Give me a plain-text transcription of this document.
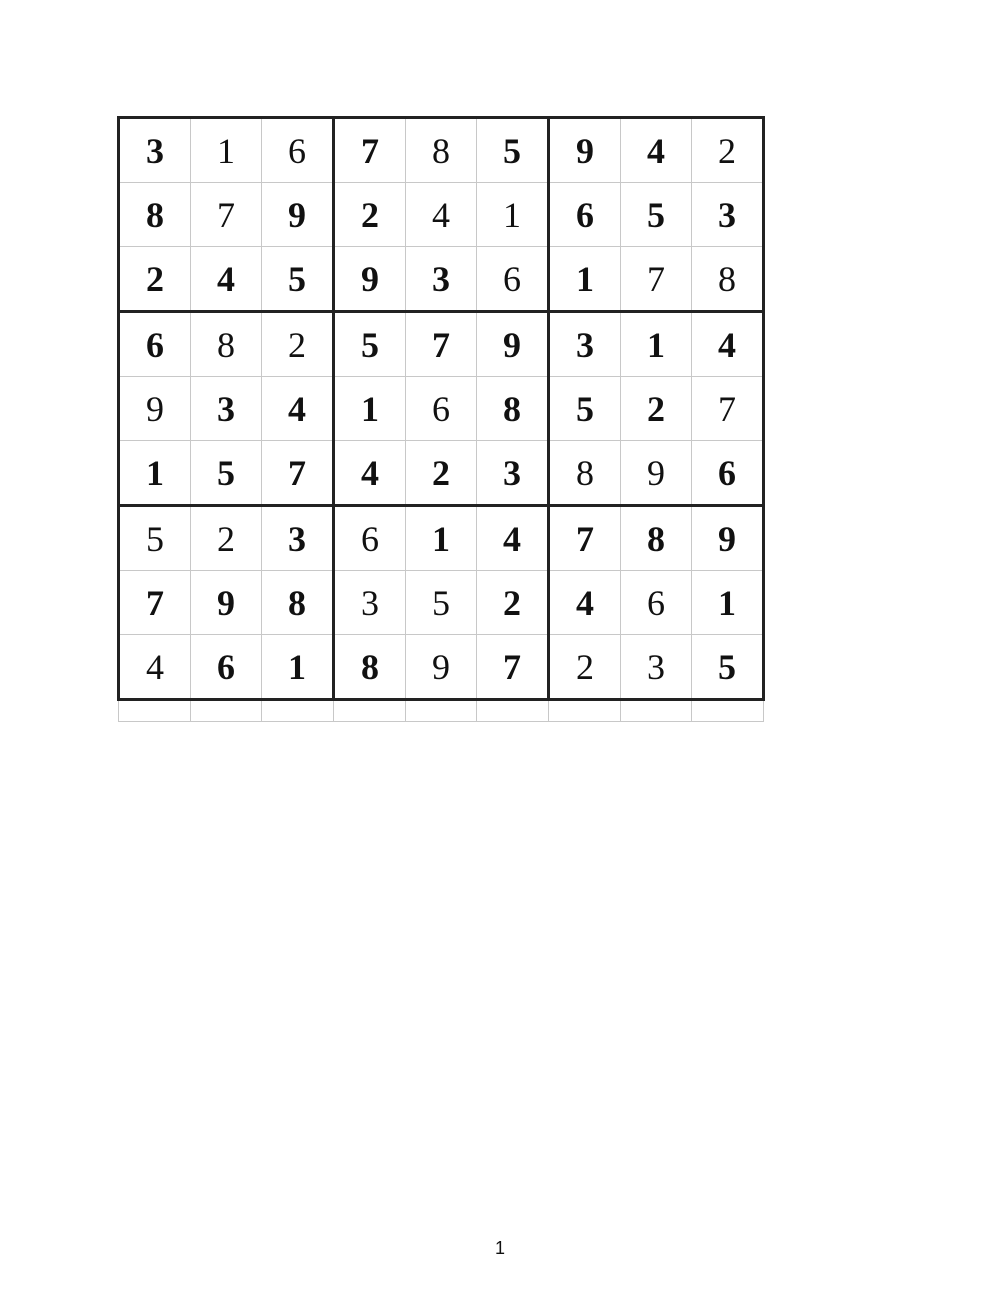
3	1	6	7	8	5	9	4	2
8	7	9	2	4	1	6	5	3
2	4	5	9	3	6	1	7	8
6	8	2	5	7	9	3	1	4
9	3	4	1	6	8	5	2	7
1	5	7	4	2	3	8	9	6
5	2	3	6	1	4	7	8	9
7	9	8	3	5	2	4	6	1
4	6	1	8	9	7	2	3	5

1
